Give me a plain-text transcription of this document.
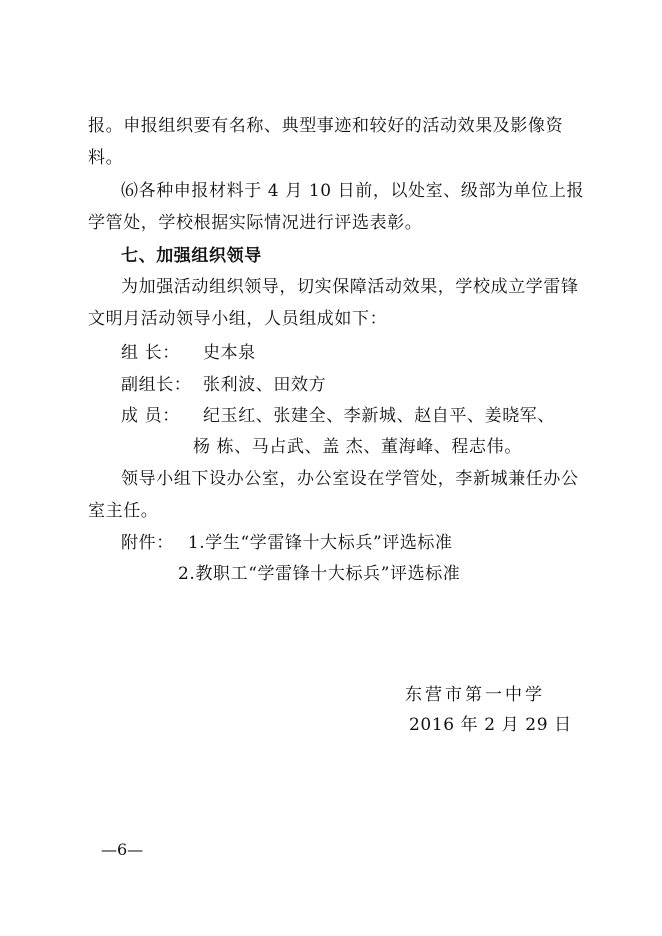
报。申报组织要有名称、典型事迹和较好的活动效果及影像资
料。
⑹各种申报材料于 4 月 10 日前，以处室、级部为单位上报
学管处，学校根据实际情况进行评选表彰。
七、加强组织领导
为加强活动组织领导，切实保障活动效果，学校成立学雷锋
文明月活动领导小组，人员组成如下：
组 长： 史本泉
副组长： 张利波、田效方
成 员： 纪玉红、张建全、李新城、赵自平、姜晓军、
杨 栋、马占武、盖 杰、董海峰、程志伟。
领导小组下设办公室，办公室设在学管处，李新城兼任办公
室主任。
附件： 1.学生“学雷锋十大标兵”评选标准
2.教职工“学雷锋十大标兵”评选标准
东营市第一中学
2016 年 2 月 29 日
—6—
